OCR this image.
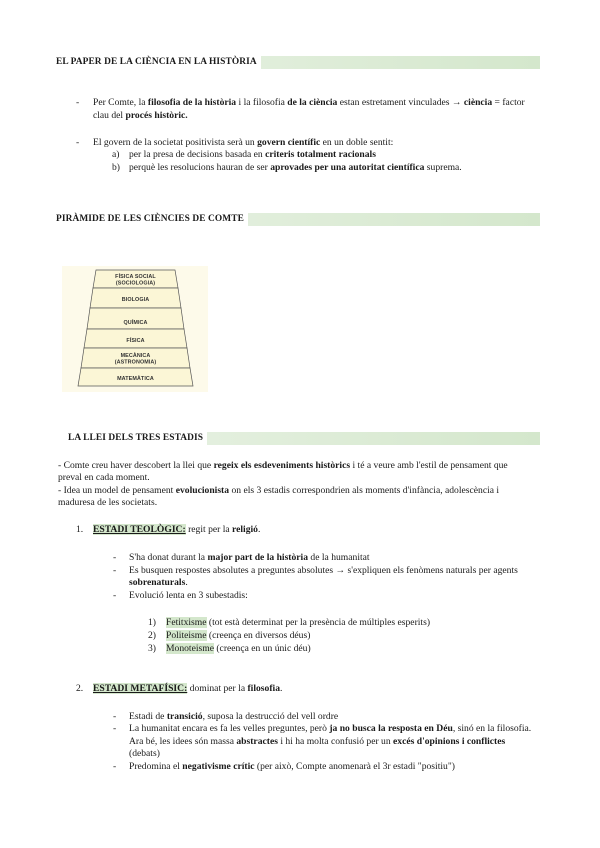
EL PAPER DE LA CIÈNCIA EN LA HISTÒRIA
- Per Comte, la filosofia de la història i la filosofia de la ciència estan estretament vinculades → ciència = factor
clau del procés històric.
- El govern de la societat positivista serà un govern científic en un doble sentit:
a) per la presa de decisions basada en criteris totalment racionals
b) perquè les resolucions hauran de ser aprovades per una autoritat científica suprema.
PIRÀMIDE DE LES CIÈNCIES DE COMTE
FÍSICA SOCIAL
(SOCIOLOGIA)
BIOLOGIA
QUÍMICA
FÍSICA
MECÀNICA
(ASTRONOMIA)
MATEMÀTICA
LA LLEI DELS TRES ESTADIS
- Comte creu haver descobert la llei que regeix els esdeveniments històrics i té a veure amb l'estil de pensament que
preval en cada moment.
- Idea un model de pensament evolucionista on els 3 estadis correspondrien als moments d'infància, adolescència i
maduresa de les societats.
1. ESTADI TEOLÒGIC: regit per la religió.
- S'ha donat durant la major part de la història de la humanitat
- Es busquen respostes absolutes a preguntes absolutes → s'expliquen els fenòmens naturals per agents
sobrenaturals.
- Evolució lenta en 3 subestadis:
1) Fetitxisme (tot està determinat per la presència de múltiples esperits)
2) Politeisme (creença en diversos déus)
3) Monoteisme (creença en un únic déu)
2. ESTADI METAFÍSIC: dominat per la filosofia.
- Estadi de transició, suposa la destrucció del vell ordre
- La humanitat encara es fa les velles preguntes, però ja no busca la resposta en Déu, sinó en la filosofia.
Ara bé, les idees són massa abstractes i hi ha molta confusió per un excés d'opinions i conflictes
(debats)
- Predomina el negativisme crític (per això, Compte anomenarà el 3r estadi "positiu")
